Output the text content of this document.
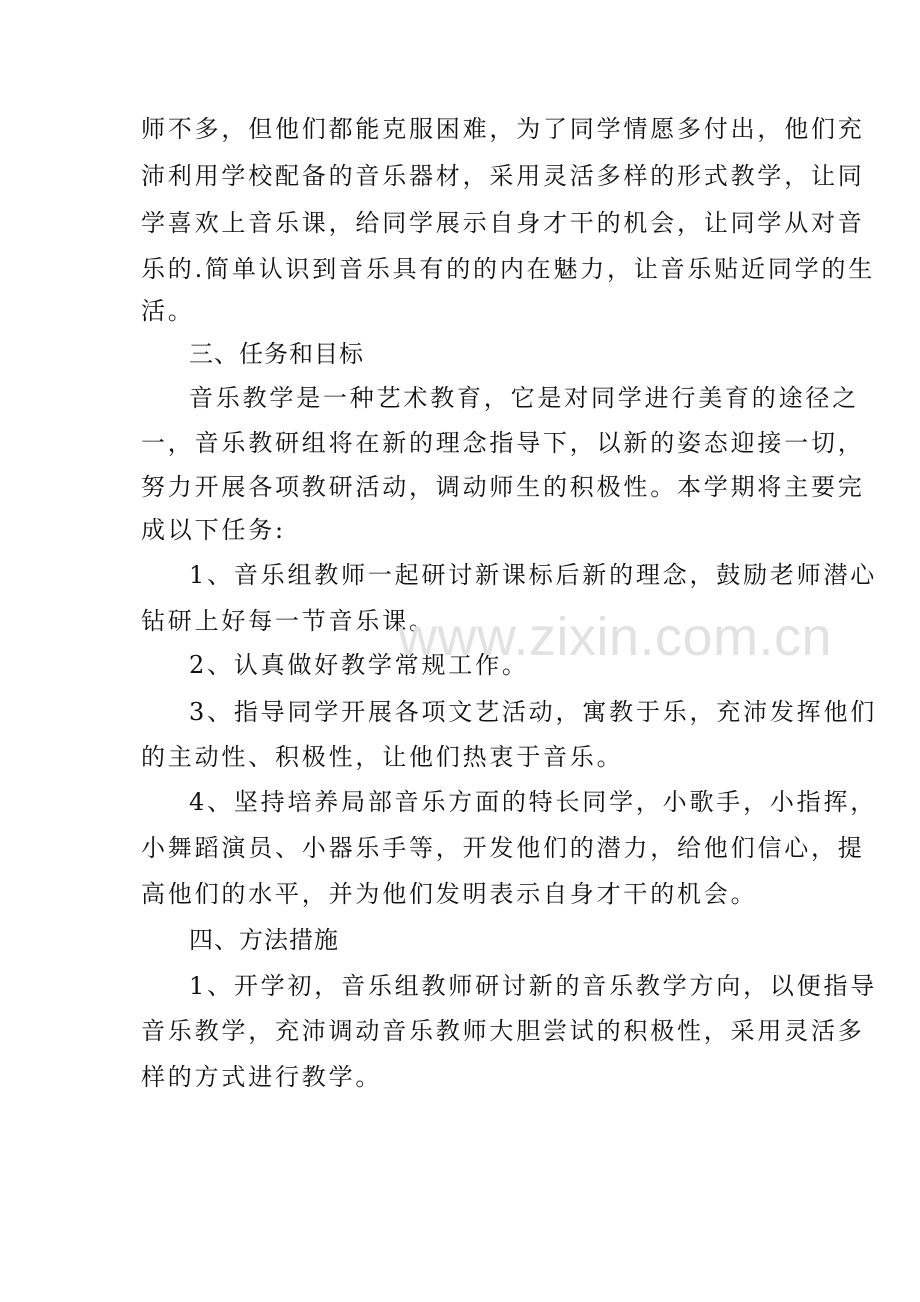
师不多，但他们都能克服困难，为了同学情愿多付出，他们充
沛利用学校配备的音乐器材，采用灵活多样的形式教学，让同
学喜欢上音乐课，给同学展示自身才干的机会，让同学从对音
乐的.简单认识到音乐具有的的内在魅力，让音乐贴近同学的生
活。
三、任务和目标
音乐教学是一种艺术教育，它是对同学进行美育的途径之
一，音乐教研组将在新的理念指导下，以新的姿态迎接一切，
努力开展各项教研活动，调动师生的积极性。本学期将主要完
成以下任务:
1、音乐组教师一起研讨新课标后新的理念，鼓励老师潜心
钻研上好每一节音乐课。
2、认真做好教学常规工作。
3、指导同学开展各项文艺活动，寓教于乐，充沛发挥他们
的主动性、积极性，让他们热衷于音乐。
4、坚持培养局部音乐方面的特长同学，小歌手，小指挥，
小舞蹈演员、小器乐手等，开发他们的潜力，给他们信心，提
高他们的水平，并为他们发明表示自身才干的机会。
四、方法措施
1、开学初，音乐组教师研讨新的音乐教学方向，以便指导
音乐教学，充沛调动音乐教师大胆尝试的积极性，采用灵活多
样的方式进行教学。
www.zixin.com.cn
